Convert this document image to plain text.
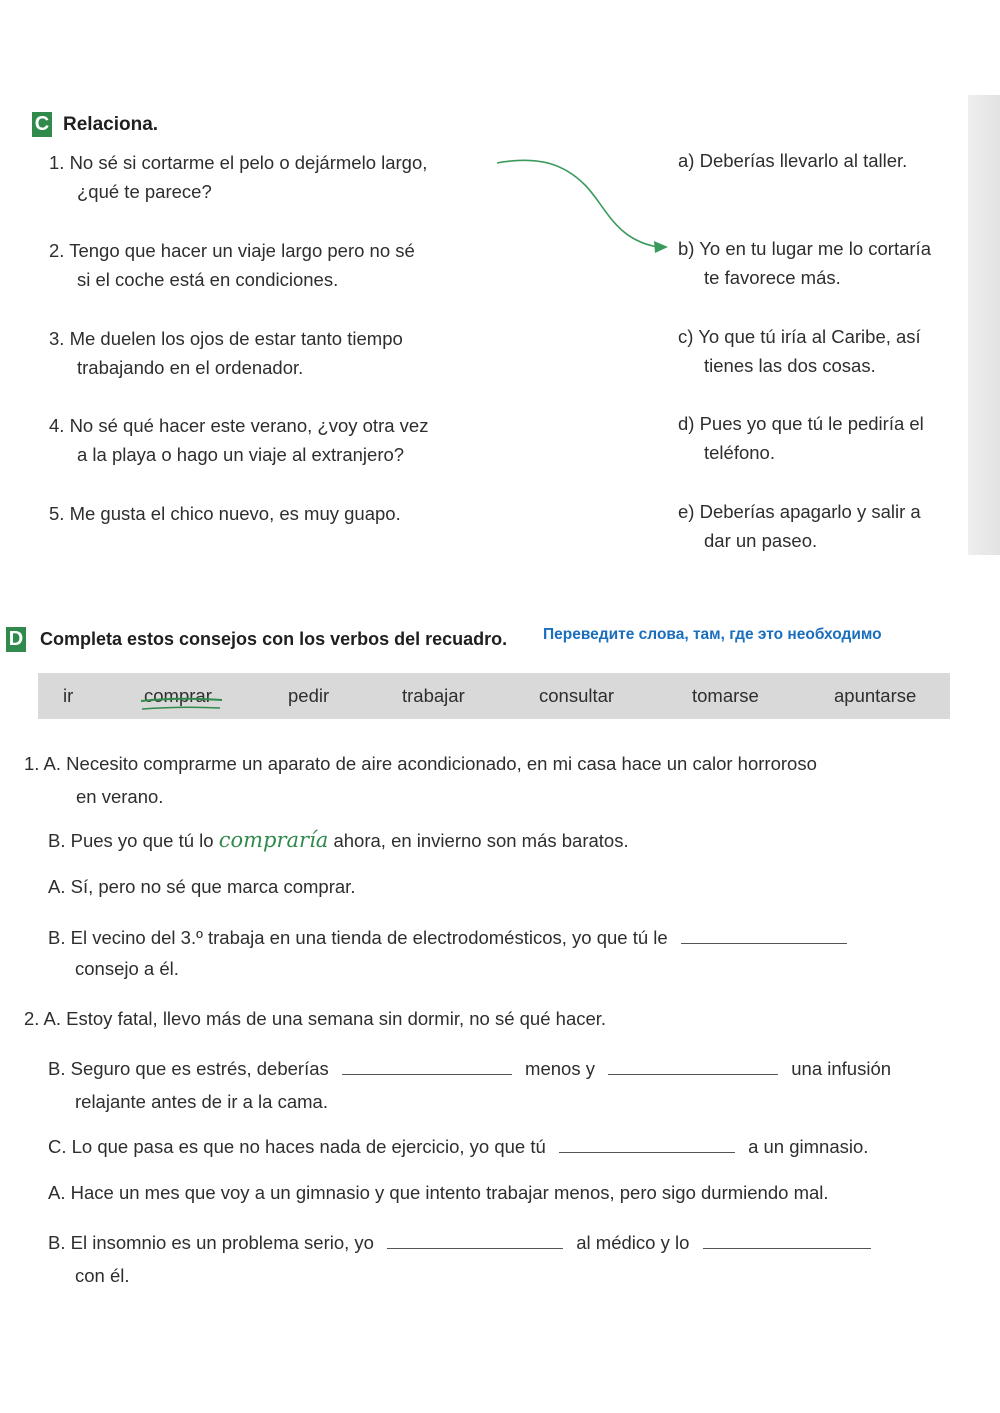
C Relaciona.
1. No sé si cortarme el pelo o dejármelo largo,
¿qué te parece?
2. Tengo que hacer un viaje largo pero no sé
si el coche está en condiciones.
3. Me duelen los ojos de estar tanto tiempo
trabajando en el ordenador.
4. No sé qué hacer este verano, ¿voy otra vez
a la playa o hago un viaje al extranjero?
5. Me gusta el chico nuevo, es muy guapo.
a) Deberías llevarlo al taller.
b) Yo en tu lugar me lo cortaría
te favorece más.
c) Yo que tú iría al Caribe, así
tienes las dos cosas.
d) Pues yo que tú le pediría el
teléfono.
e) Deberías apagarlo y salir a
dar un paseo.
D Completa estos consejos con los verbos del recuadro. Переведите слова, там, где это необходимо
ir	comprar	pedir	trabajar	consultar	tomarse	apuntarse
1. A. Necesito comprarme un aparato de aire acondicionado, en mi casa hace un calor horroroso
en verano.
B. Pues yo que tú lo compraría ahora, en invierno son más baratos.
A. Sí, pero no sé que marca comprar.
B. El vecino del 3.º trabaja en una tienda de electrodomésticos, yo que tú le
consejo a él.
2. A. Estoy fatal, llevo más de una semana sin dormir, no sé qué hacer.
B. Seguro que es estrés, deberías	menos y	una infusión
relajante antes de ir a la cama.
C. Lo que pasa es que no haces nada de ejercicio, yo que tú	a un gimnasio.
A. Hace un mes que voy a un gimnasio y que intento trabajar menos, pero sigo durmiendo mal.
B. El insomnio es un problema serio, yo	al médico y lo
con él.
